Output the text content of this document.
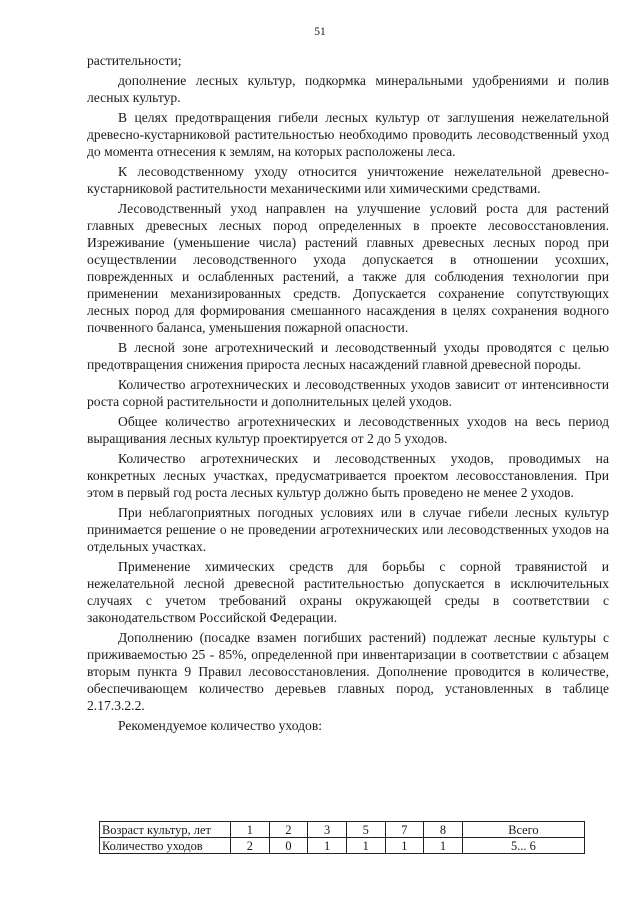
51

растительности;

дополнение лесных культур, подкормка минеральными удобрениями и полив лесных культур.

В целях предотвращения гибели лесных культур от заглушения нежелательной древесно-кустарниковой растительностью необходимо проводить лесоводственный уход до момента отнесения к землям, на которых расположены леса.

К лесоводственному уходу относится уничтожение нежелательной древесно-кустарниковой растительности механическими или химическими средствами.

Лесоводственный уход направлен на улучшение условий роста для растений главных древесных лесных пород определенных в проекте лесовосстановления. Изреживание (уменьшение числа) растений главных древесных лесных пород при осуществлении лесоводственного ухода допускается в отношении усохших, поврежденных и ослабленных растений, а также для соблюдения технологии при применении механизированных средств. Допускается сохранение сопутствующих лесных пород для формирования смешанного насаждения в целях сохранения водного почвенного баланса, уменьшения пожарной опасности.

В лесной зоне агротехнический и лесоводственный уходы проводятся с целью предотвращения снижения прироста лесных насаждений главной древесной породы.

Количество агротехнических и лесоводственных уходов зависит от интенсивности роста сорной растительности и дополнительных целей уходов.

Общее количество агротехнических и лесоводственных уходов на весь период выращивания лесных культур проектируется от 2 до 5 уходов.

Количество агротехнических и лесоводственных уходов, проводимых на конкретных лесных участках, предусматривается проектом лесовосстановления. При этом в первый год роста лесных культур должно быть проведено не менее 2 уходов.

При неблагоприятных погодных условиях или в случае гибели лесных культур принимается решение о не проведении агротехнических или лесоводственных уходов на отдельных участках.

Применение химических средств для борьбы с сорной травянистой и нежелательной лесной древесной растительностью допускается в исключительных случаях с учетом требований охраны окружающей среды в соответствии с законодательством Российской Федерации.

Дополнению (посадке взамен погибших растений) подлежат лесные культуры с приживаемостью 25 - 85%, определенной при инвентаризации в соответствии с абзацем вторым пункта 9 Правил лесовосстановления. Дополнение проводится в количестве, обеспечивающем количество деревьев главных пород, установленных в таблице 2.17.3.2.2.

Рекомендуемое количество уходов:

Возраст культур, лет	1	2	3	5	7	8	Всего
Количество уходов	2	0	1	1	1	1	5... 6
